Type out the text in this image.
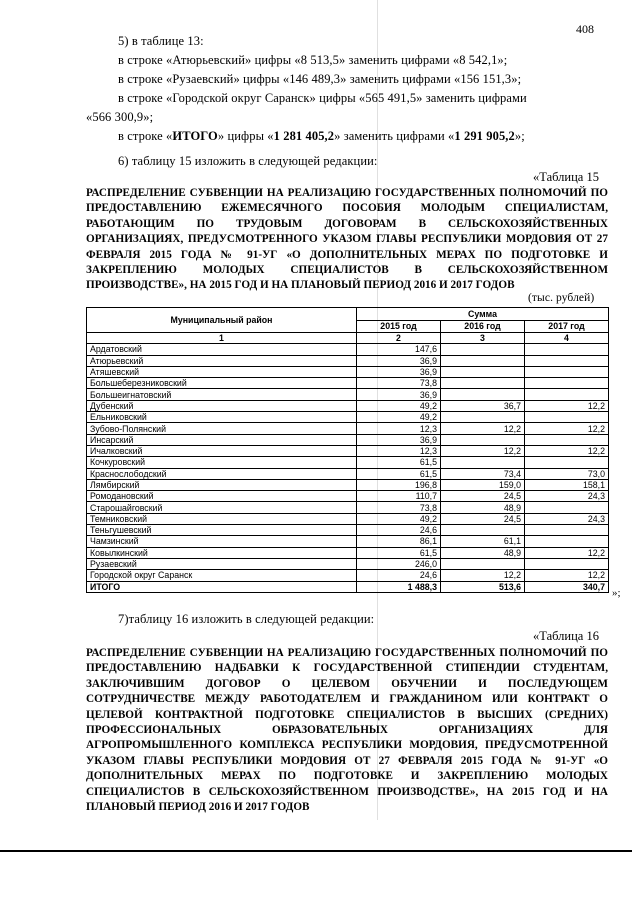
408
5) в таблице 13:
в строке «Атюрьевский» цифры «8 513,5» заменить цифрами «8 542,1»;
в строке «Рузаевский» цифры «146 489,3» заменить цифрами «156 151,3»;
в строке «Городской округ Саранск» цифры «565 491,5» заменить цифрами
«566 300,9»;
в строке «ИТОГО» цифры «1 281 405,2» заменить цифрами «1 291 905,2»;
6) таблицу 15 изложить в следующей редакции:
«Таблица 15
РАСПРЕДЕЛЕНИЕ СУБВЕНЦИИ НА РЕАЛИЗАЦИЮ ГОСУДАРСТВЕННЫХ ПОЛНОМОЧИЙ ПО ПРЕДОСТАВЛЕНИЮ ЕЖЕМЕСЯЧНОГО ПОСОБИЯ МОЛОДЫМ СПЕЦИАЛИСТАМ, РАБОТАЮЩИМ ПО ТРУДОВЫМ ДОГОВОРАМ В СЕЛЬСКОХОЗЯЙСТВЕННЫХ ОРГАНИЗАЦИЯХ, ПРЕДУСМОТРЕННОГО УКАЗОМ ГЛАВЫ РЕСПУБЛИКИ МОРДОВИЯ ОТ 27 ФЕВРАЛЯ 2015 ГОДА № 91-УГ «О ДОПОЛНИТЕЛЬНЫХ МЕРАХ ПО ПОДГОТОВКЕ И ЗАКРЕПЛЕНИЮ МОЛОДЫХ СПЕЦИАЛИСТОВ В СЕЛЬСКОХОЗЯЙСТВЕННОМ ПРОИЗВОДСТВЕ», НА 2015 ГОД И НА ПЛАНОВЫЙ ПЕРИОД 2016 И 2017 ГОДОВ
(тыс. рублей)
Муниципальный район	Сумма		
	2015 год	2016 год	2017 год
1	2	3	4
Ардатовский	147,6		
Атюрьевский	36,9		
Атяшевский	36,9		
Большеберезниковский	73,8		
Большеигнатовский	36,9		
Дубенский	49,2	36,7	12,2
Ельниковский	49,2		
Зубово-Полянский	12,3	12,2	12,2
Инсарский	36,9		
Ичалковский	12,3	12,2	12,2
Кочкуровский	61,5		
Краснослободский	61,5	73,4	73,0
Лямбирский	196,8	159,0	158,1
Ромодановский	110,7	24,5	24,3
Старошайговский	73,8	48,9	
Темниковский	49,2	24,5	24,3
Теньгушевский	24,6		
Чамзинский	86,1	61,1	
Ковылкинский	61,5	48,9	12,2
Рузаевский	246,0		
Городской округ Саранск	24,6	12,2	12,2
ИТОГО	1 488,3	513,6	340,7
»;
7)таблицу 16 изложить в следующей редакции:
«Таблица 16
РАСПРЕДЕЛЕНИЕ СУБВЕНЦИИ НА РЕАЛИЗАЦИЮ ГОСУДАРСТВЕННЫХ ПОЛНОМОЧИЙ ПО ПРЕДОСТАВЛЕНИЮ НАДБАВКИ К ГОСУДАРСТВЕННОЙ СТИПЕНДИИ СТУДЕНТАМ, ЗАКЛЮЧИВШИМ ДОГОВОР О ЦЕЛЕВОМ ОБУЧЕНИИ И ПОСЛЕДУЮЩЕМ СОТРУДНИЧЕСТВЕ МЕЖДУ РАБОТОДАТЕЛЕМ И ГРАЖДАНИНОМ ИЛИ КОНТРАКТ О ЦЕЛЕВОЙ КОНТРАКТНОЙ ПОДГОТОВКЕ СПЕЦИАЛИСТОВ В ВЫСШИХ (СРЕДНИХ) ПРОФЕССИОНАЛЬНЫХ ОБРАЗОВАТЕЛЬНЫХ ОРГАНИЗАЦИЯХ ДЛЯ АГРОПРОМЫШЛЕННОГО КОМПЛЕКСА РЕСПУБЛИКИ МОРДОВИЯ, ПРЕДУСМОТРЕННОЙ УКАЗОМ ГЛАВЫ РЕСПУБЛИКИ МОРДОВИЯ ОТ 27 ФЕВРАЛЯ 2015 ГОДА № 91-УГ «О ДОПОЛНИТЕЛЬНЫХ МЕРАХ ПО ПОДГОТОВКЕ И ЗАКРЕПЛЕНИЮ МОЛОДЫХ СПЕЦИАЛИСТОВ В СЕЛЬСКОХОЗЯЙСТВЕННОМ ПРОИЗВОДСТВЕ», НА 2015 ГОД И НА ПЛАНОВЫЙ ПЕРИОД 2016 И 2017 ГОДОВ
